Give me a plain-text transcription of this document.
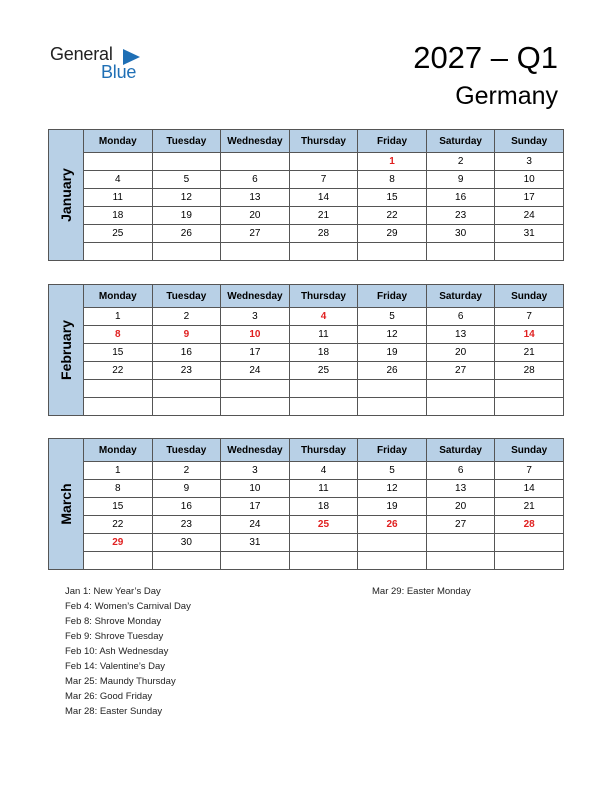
General
Blue	2027 – Q1
Germany
January
Monday	Tuesday	Wednesday	Thursday	Friday	Saturday	Sunday
				1	2	3
4	5	6	7	8	9	10
11	12	13	14	15	16	17
18	19	20	21	22	23	24
25	26	27	28	29	30	31

February
Monday	Tuesday	Wednesday	Thursday	Friday	Saturday	Sunday
1	2	3	4	5	6	7
8	9	10	11	12	13	14
15	16	17	18	19	20	21
22	23	24	25	26	27	28

March
Monday	Tuesday	Wednesday	Thursday	Friday	Saturday	Sunday
1	2	3	4	5	6	7
8	9	10	11	12	13	14
15	16	17	18	19	20	21
22	23	24	25	26	27	28
29	30	31				

Jan 1: New Year’s Day
Feb 4: Women’s Carnival Day
Feb 8: Shrove Monday
Feb 9: Shrove Tuesday
Feb 10: Ash Wednesday
Feb 14: Valentine’s Day
Mar 25: Maundy Thursday
Mar 26: Good Friday
Mar 28: Easter Sunday
Mar 29: Easter Monday
